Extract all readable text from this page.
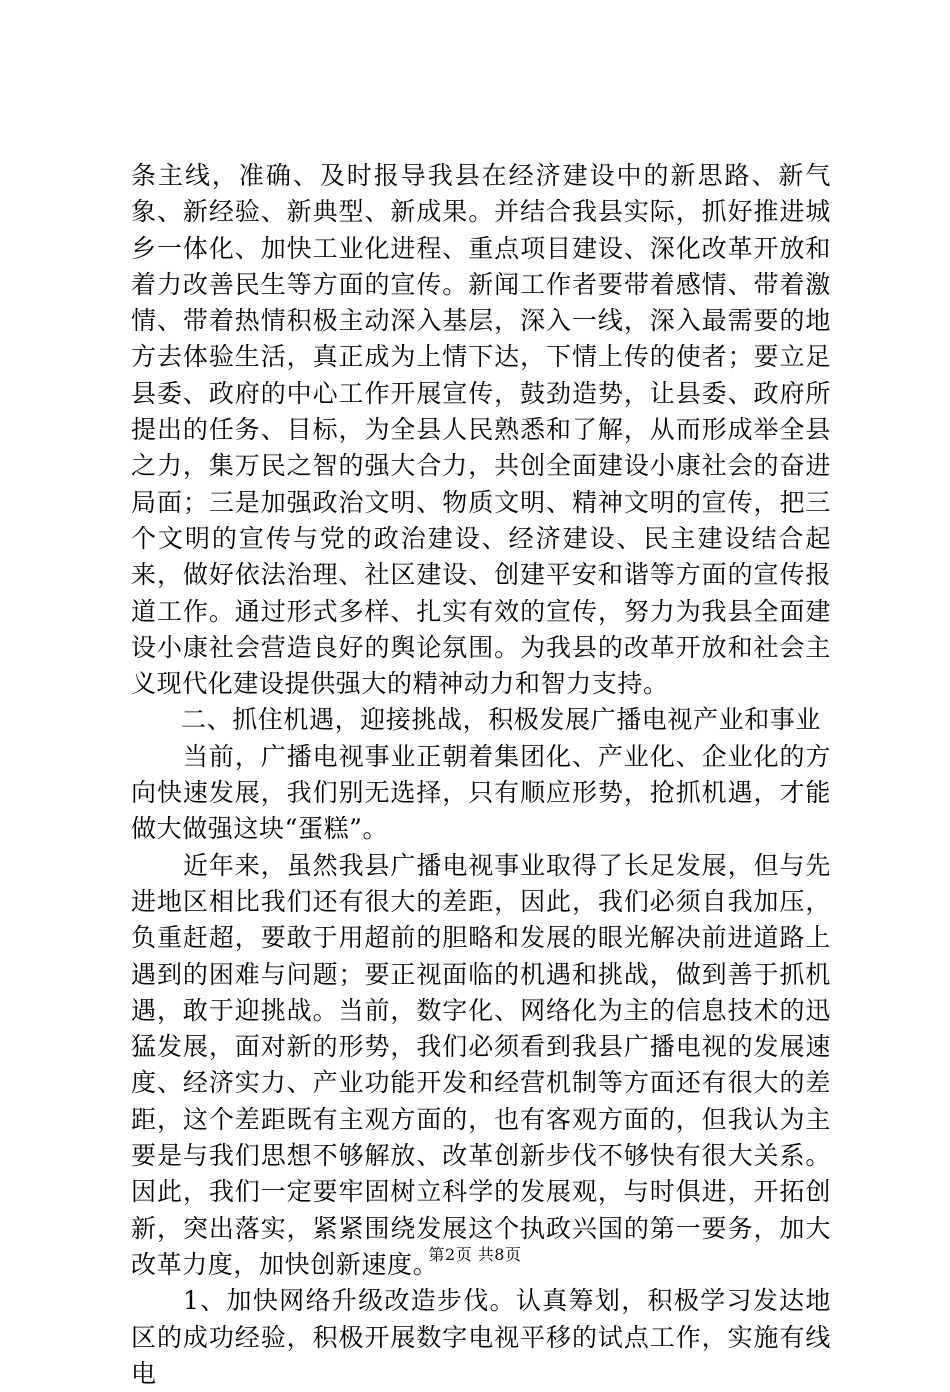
条主线，准确、及时报导我县在经济建设中的新思路、新气象、新经验、新典型、新成果。并结合我县实际，抓好推进城乡一体化、加快工业化进程、重点项目建设、深化改革开放和着力改善民生等方面的宣传。新闻工作者要带着感情、带着激情、带着热情积极主动深入基层，深入一线，深入最需要的地方去体验生活，真正成为上情下达，下情上传的使者；要立足县委、政府的中心工作开展宣传，鼓劲造势，让县委、政府所提出的任务、目标，为全县人民熟悉和了解，从而形成举全县之力，集万民之智的强大合力，共创全面建设小康社会的奋进局面；三是加强政治文明、物质文明、精神文明的宣传，把三个文明的宣传与党的政治建设、经济建设、民主建设结合起来，做好依法治理、社区建设、创建平安和谐等方面的宣传报道工作。通过形式多样、扎实有效的宣传，努力为我县全面建设小康社会营造良好的舆论氛围。为我县的改革开放和社会主义现代化建设提供强大的精神动力和智力支持。

二、抓住机遇，迎接挑战，积极发展广播电视产业和事业

当前，广播电视事业正朝着集团化、产业化、企业化的方向快速发展，我们别无选择，只有顺应形势，抢抓机遇，才能做大做强这块“蛋糕”。

近年来，虽然我县广播电视事业取得了长足发展，但与先进地区相比我们还有很大的差距，因此，我们必须自我加压，负重赶超，要敢于用超前的胆略和发展的眼光解决前进道路上遇到的困难与问题；要正视面临的机遇和挑战，做到善于抓机遇，敢于迎挑战。当前，数字化、网络化为主的信息技术的迅猛发展，面对新的形势，我们必须看到我县广播电视的发展速度、经济实力、产业功能开发和经营机制等方面还有很大的差距，这个差距既有主观方面的，也有客观方面的，但我认为主要是与我们思想不够解放、改革创新步伐不够快有很大关系。因此，我们一定要牢固树立科学的发展观，与时俱进，开拓创新，突出落实，紧紧围绕发展这个执政兴国的第一要务，加大改革力度，加快创新速度。

1、加快网络升级改造步伐。认真筹划，积极学习发达地区的成功经验，积极开展数字电视平移的试点工作，实施有线电

第2页 共8页
